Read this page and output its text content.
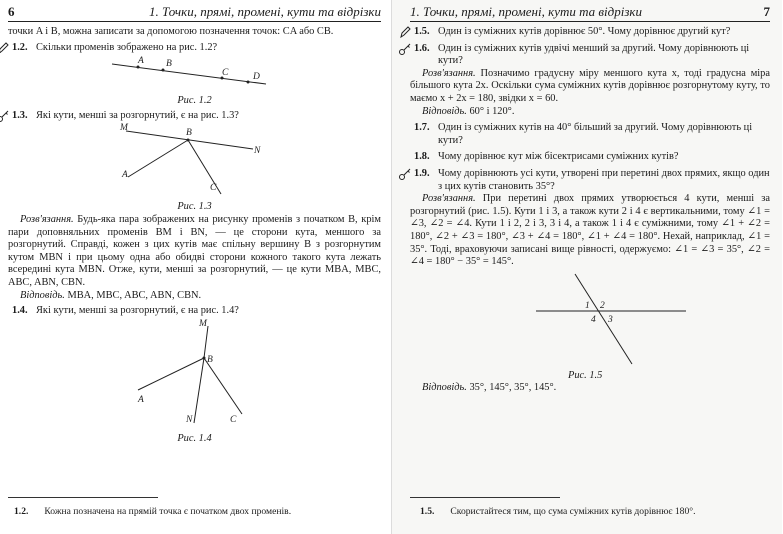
6	1. Точки, прямі, промені, кути та відрізки

точки A і B, можна записати за допомогою позначення точок: CA або CB.

1.2. Скільки променів зображено на рис. 1.2?

A B
C	D

Рис. 1.2

1.3. Які кути, менші за розгорнутий, є на рис. 1.3?

M	B
N
A
C

Рис. 1.3

Розв'язання. Будь-яка пара зображених на рисунку променів з початком B, крім пари доповняльних променів BM і BN, — це сторони кута, меншого за розгорнутий. Справді, кожен з цих кутів має спільну вершину B з розгорнутим кутом MBN і при цьому одна або обидві сторони кожного такого кута лежать всередині кута MBN. Отже, кути, менші за розгорнутий, — це кути MBA, MBC, ABC, ABN, CBN.

Відповідь. MBA, MBC, ABC, ABN, CBN.

1.4. Які кути, менші за розгорнутий, є на рис. 1.4?

M
B
A
N	C

Рис. 1.4

1.2. Кожна позначена на прямій точка є початком двох променів.
1. Точки, прямі, промені, кути та відрізки	7

1.5. Один із суміжних кутів дорівнює 50°. Чому дорівнює другий кут?

1.6. Один із суміжних кутів удвічі менший за другий. Чому дорівнюють ці кути?

Розв'язання. Позначимо градусну міру меншого кута x, тоді градусна міра більшого кута 2x. Оскільки сума суміжних кутів дорівнює розгорнутому куту, то маємо x + 2x = 180, звідки x = 60.

Відповідь. 60° і 120°.

1.7. Один із суміжних кутів на 40° більший за другий. Чому дорівнюють ці кути?

1.8. Чому дорівнює кут між бісектрисами суміжних кутів?

1.9. Чому дорівнюють усі кути, утворені при перетині двох прямих, якщо один з цих кутів становить 35°?

Розв'язання. При перетині двох прямих утворюється 4 кути, менші за розгорнутий (рис. 1.5). Кути 1 і 3, а також кути 2 і 4 є вертикальними, тому ∠1 = ∠3, ∠2 = ∠4. Кути 1 і 2, 2 і 3, 3 і 4, а також 1 і 4 є суміжними, тому ∠1 + ∠2 = 180°, ∠2 + ∠3 = 180°, ∠3 + ∠4 = 180°, ∠1 + ∠4 = 180°. Нехай, наприклад, ∠1 = 35°. Тоді, враховуючи записані вище рівності, одержуємо: ∠1 = ∠3 = 35°, ∠2 = ∠4 = 180° − 35° = 145°.

1 2
4 3

Рис. 1.5

Відповідь. 35°, 145°, 35°, 145°.

1.5. Скористайтеся тим, що сума суміжних кутів дорівнює 180°.
